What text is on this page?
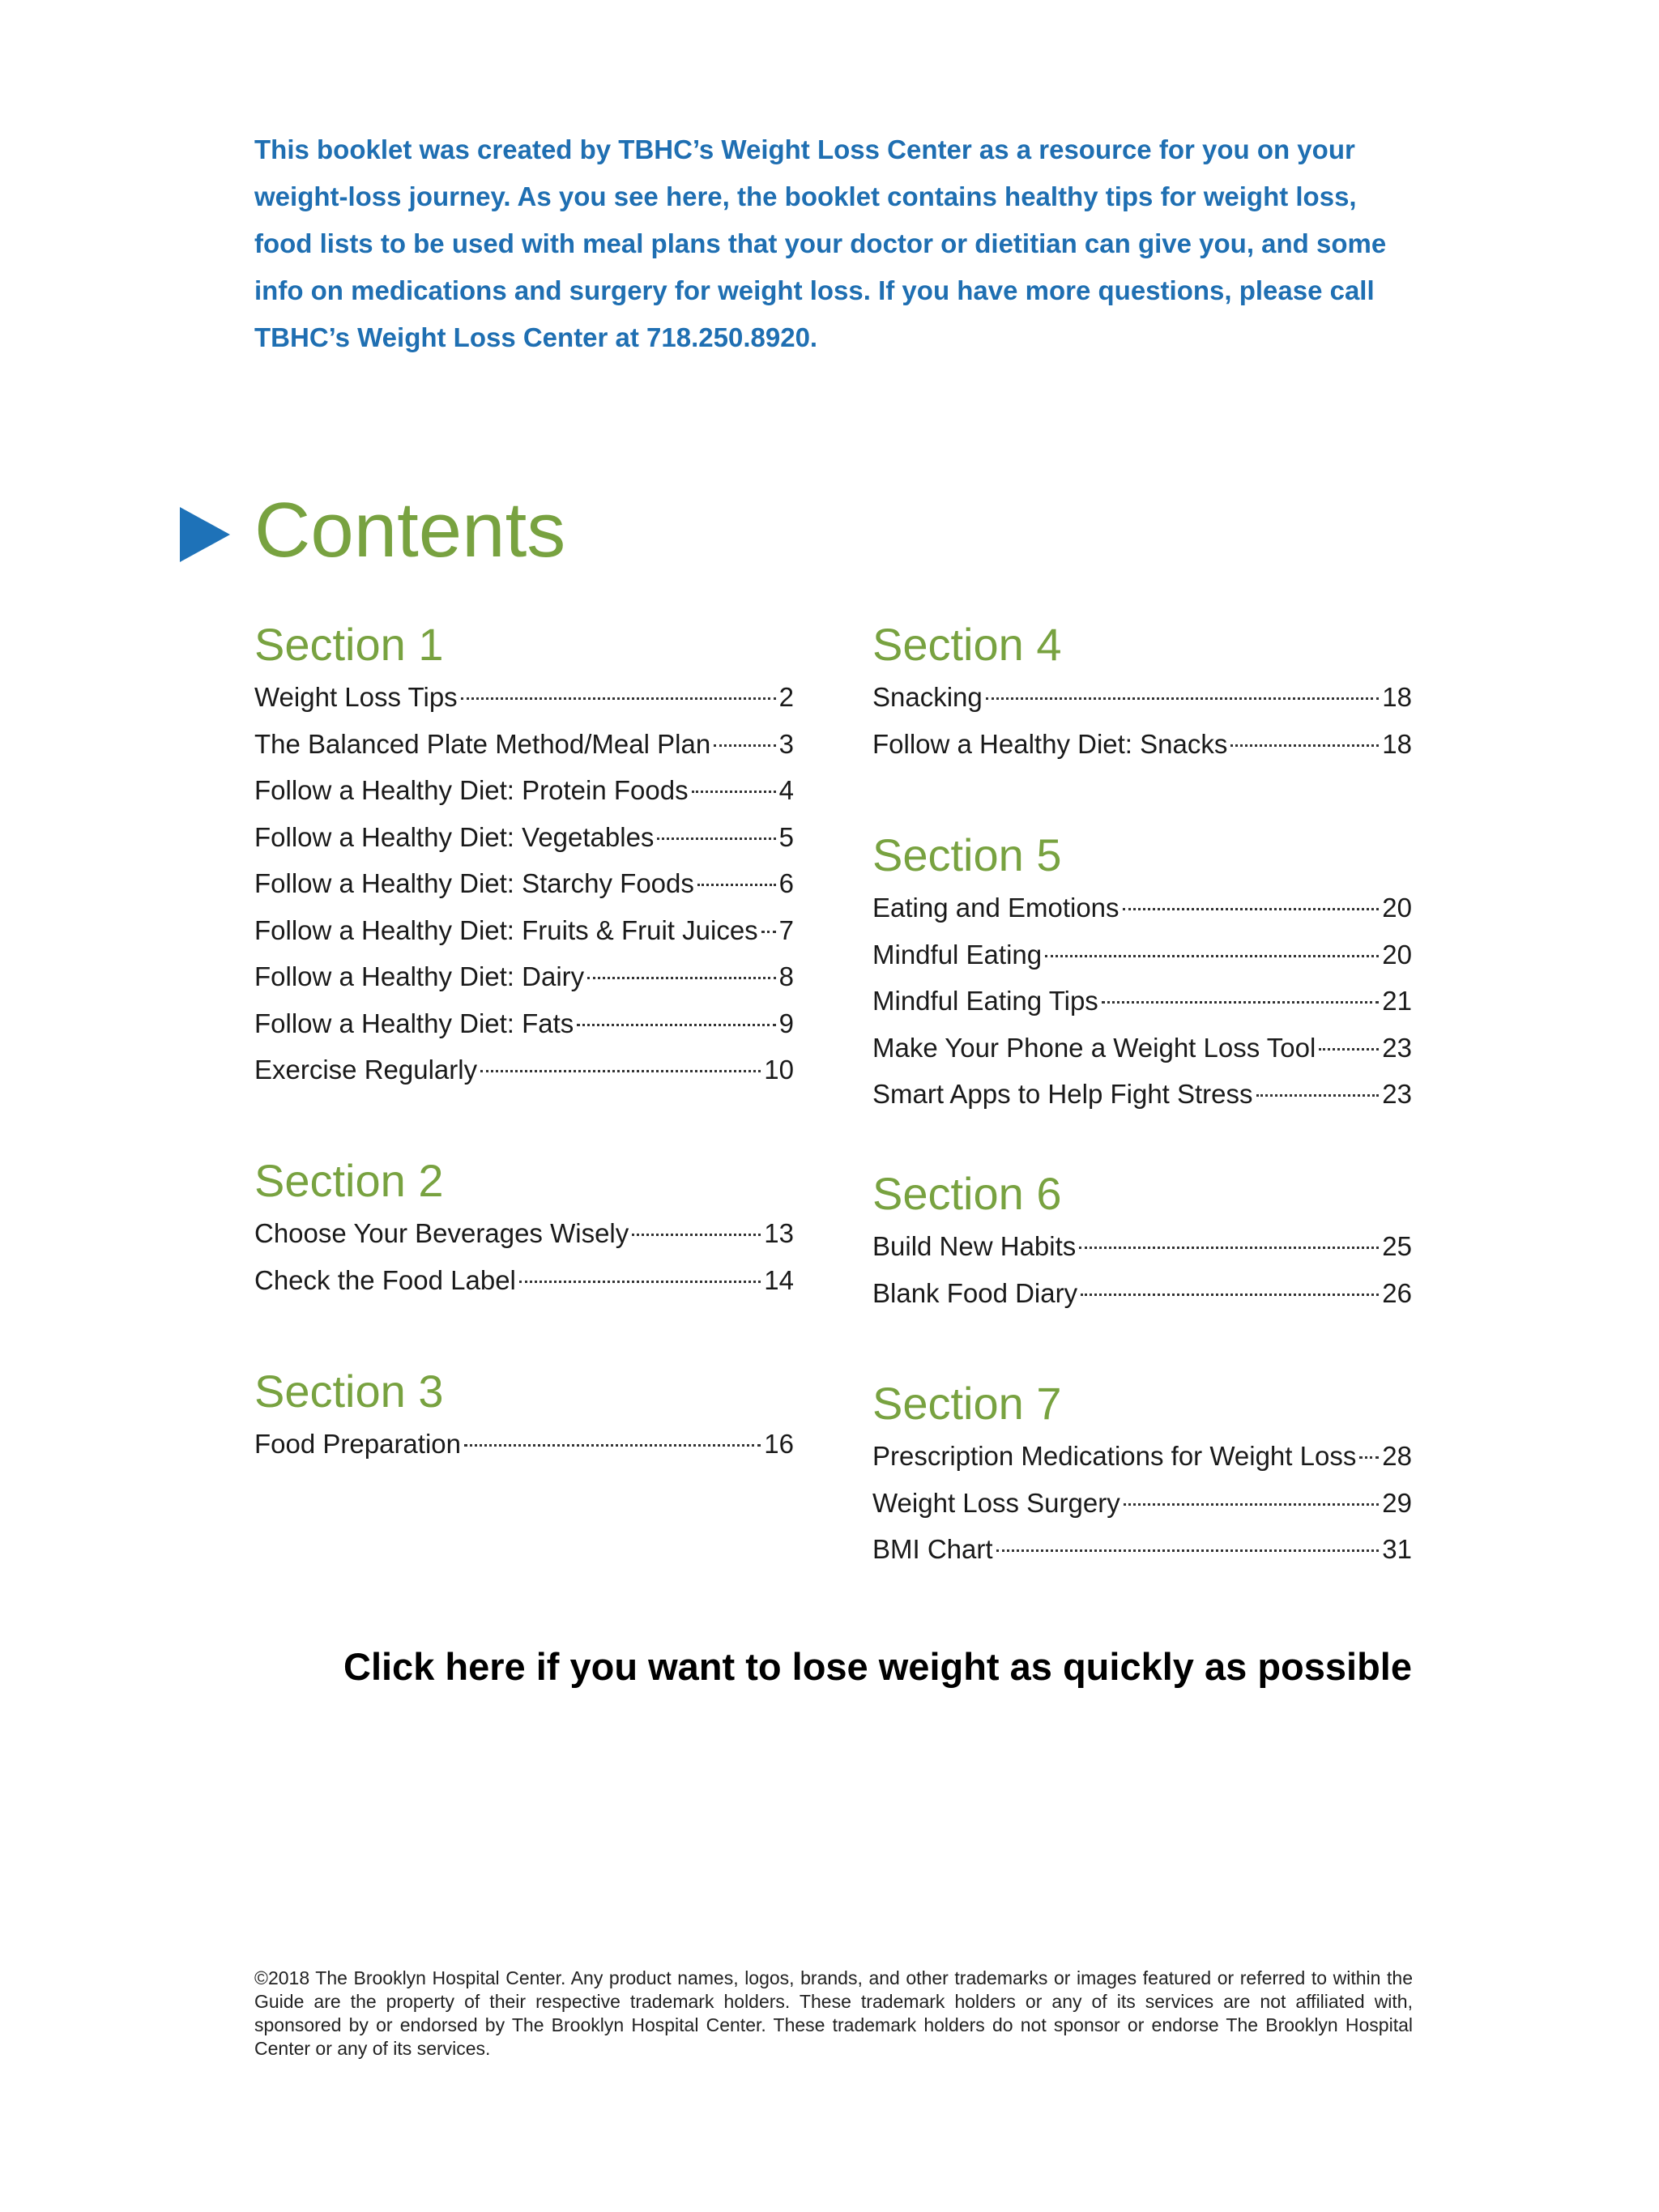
This booklet was created by TBHC’s Weight Loss Center as a resource for you on your weight-loss journey. As you see here, the booklet contains healthy tips for weight loss, food lists to be used with meal plans that your doctor or dietitian can give you, and some info on medications and surgery for weight loss. If you have more questions, please call TBHC’s Weight Loss Center at 718.250.8920.
Contents
Section 1
Weight Loss Tips	2
The Balanced Plate Method/Meal Plan	3
Follow a Healthy Diet: Protein Foods	4
Follow a Healthy Diet: Vegetables	5
Follow a Healthy Diet: Starchy Foods	6
Follow a Healthy Diet: Fruits & Fruit Juices 7
Follow a Healthy Diet: Dairy	8
Follow a Healthy Diet: Fats	9
Exercise Regularly	10
Section 2
Choose Your Beverages Wisely	13
Check the Food Label	14
Section 3
Food Preparation	16
Section 4
Snacking	18
Follow a Healthy Diet: Snacks	18
Section 5
Eating and Emotions	20
Mindful Eating	20
Mindful Eating Tips	21
Make Your Phone a Weight Loss Tool 23
Smart Apps to Help Fight Stress	23
Section 6
Build New Habits	25
Blank Food Diary	26
Section 7
Prescription Medications for Weight Loss 28
Weight Loss Surgery	29
BMI Chart	31
Click here if you want to lose weight as quickly as possible
©2018 The Brooklyn Hospital Center. Any product names, logos, brands, and other trademarks or images featured or referred to within the Guide are the property of their respective trademark holders. These trademark holders or any of its services are not affiliated with, sponsored by or endorsed by The Brooklyn Hospital Center. These trademark holders do not sponsor or endorse The Brooklyn Hospital Center or any of its services.
